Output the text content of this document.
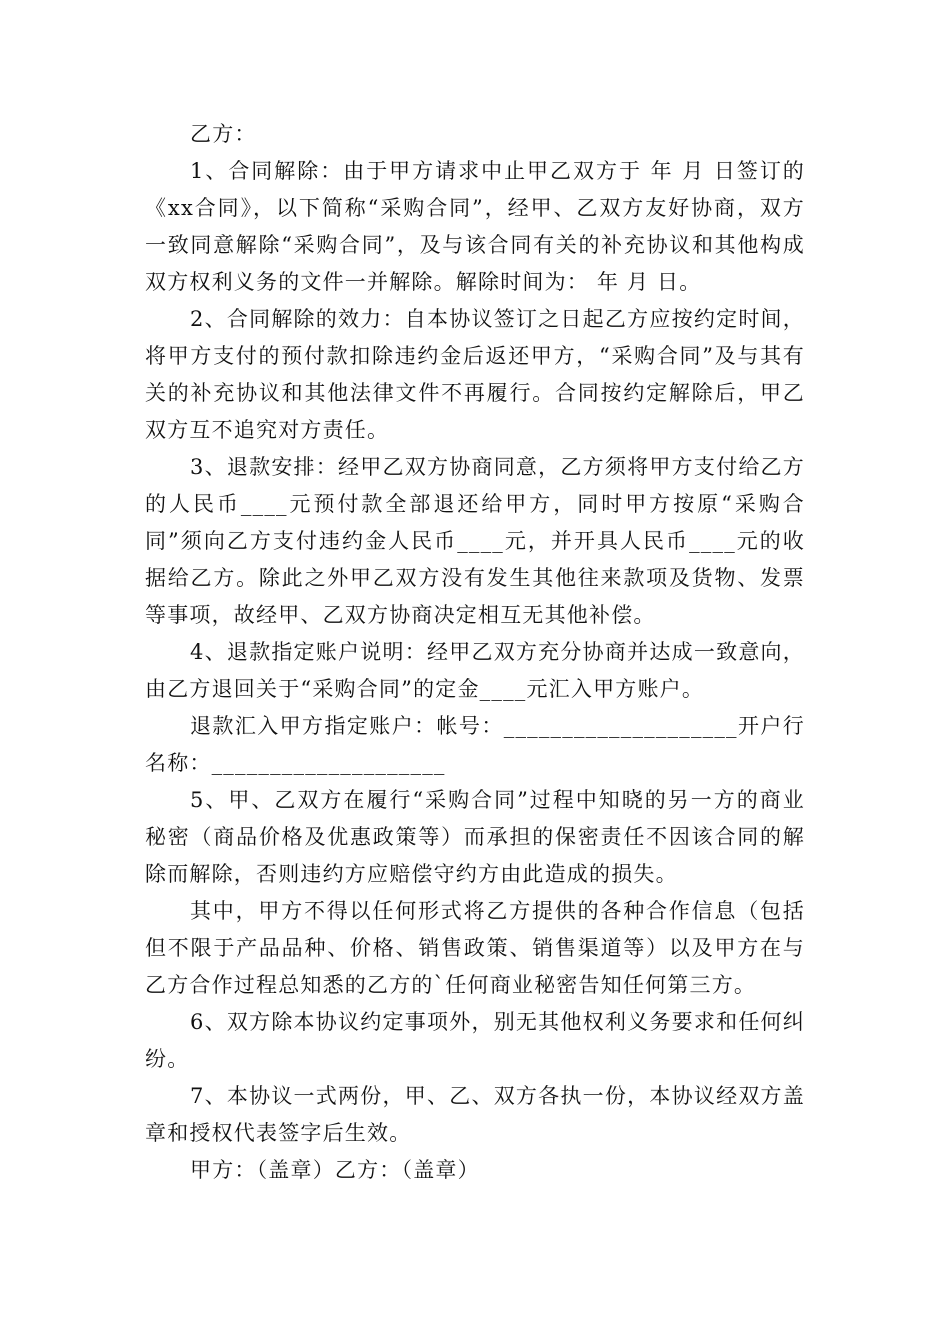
乙方：

1、合同解除：由于甲方请求中止甲乙双方于 年 月 日签订的《xx合同》，以下简称“采购合同”，经甲、乙双方友好协商，双方一致同意解除“采购合同”，及与该合同有关的补充协议和其他构成双方权利义务的文件一并解除。解除时间为： 年 月 日。

2、合同解除的效力：自本协议签订之日起乙方应按约定时间，将甲方支付的预付款扣除违约金后返还甲方，“采购合同”及与其有关的补充协议和其他法律文件不再履行。合同按约定解除后，甲乙双方互不追究对方责任。

3、退款安排：经甲乙双方协商同意，乙方须将甲方支付给乙方的人民币____元预付款全部退还给甲方，同时甲方按原“采购合同”须向乙方支付违约金人民币____元，并开具人民币____元的收据给乙方。除此之外甲乙双方没有发生其他往来款项及货物、发票等事项，故经甲、乙双方协商决定相互无其他补偿。

4、退款指定账户说明：经甲乙双方充分协商并达成一致意向，由乙方退回关于“采购合同”的定金____元汇入甲方账户。

退款汇入甲方指定账户：帐号：____________________开户行名称：____________________

5、甲、乙双方在履行“采购合同”过程中知晓的另一方的商业秘密（商品价格及优惠政策等）而承担的保密责任不因该合同的解除而解除，否则违约方应赔偿守约方由此造成的损失。

其中，甲方不得以任何形式将乙方提供的各种合作信息（包括但不限于产品品种、价格、销售政策、销售渠道等）以及甲方在与乙方合作过程总知悉的乙方的`任何商业秘密告知任何第三方。

6、双方除本协议约定事项外，别无其他权利义务要求和任何纠纷。

7、本协议一式两份，甲、乙、双方各执一份，本协议经双方盖章和授权代表签字后生效。

甲方：（盖章）乙方：（盖章）
